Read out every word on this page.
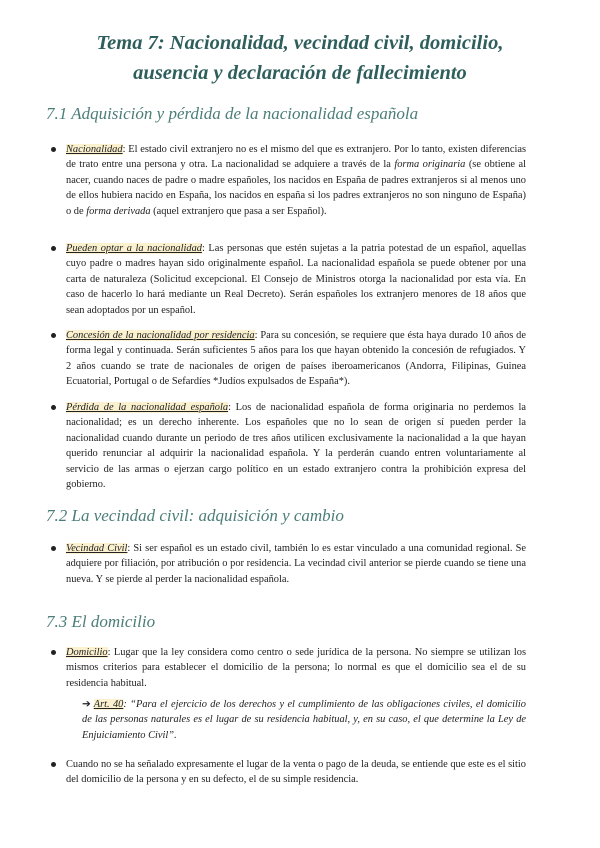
Tema 7: Nacionalidad, vecindad civil, domicilio,
ausencia y declaración de fallecimiento
7.1 Adquisición y pérdida de la nacionalidad española
Nacionalidad: El estado civil extranjero no es el mismo del que es extranjero. Por lo tanto, existen diferencias de trato entre una persona y otra. La nacionalidad se adquiere a través de la forma originaria (se obtiene al nacer, cuando naces de padre o madre españoles, los nacidos en España de padres extranjeros si al menos uno de ellos hubiera nacido en España, los nacidos en españa si los padres extranjeros no son ninguno de España) o de forma derivada (aquel extranjero que pasa a ser Español).
Pueden optar a la nacionalidad: Las personas que estén sujetas a la patria potestad de un español, aquellas cuyo padre o madres hayan sido originalmente español. La nacionalidad española se puede obtener por una carta de naturaleza (Solicitud excepcional. El Consejo de Ministros otorga la nacionalidad por esta vía. En caso de hacerlo lo hará mediante un Real Decreto). Serán españoles los extranjero menores de 18 años que sean adoptados por un español.
Concesión de la nacionalidad por residencia: Para su concesión, se requiere que ésta haya durado 10 años de forma legal y continuada. Serán suficientes 5 años para los que hayan obtenido la concesión de refugiados. Y 2 años cuando se trate de nacionales de origen de países iberoamericanos (Andorra, Filipinas, Guinea Ecuatorial, Portugal o de Sefardíes *Judíos expulsados de España*).
Pérdida de la nacionalidad española: Los de nacionalidad española de forma originaria no perdemos la nacionalidad; es un derecho inherente. Los españoles que no lo sean de origen sí pueden perder la nacionalidad cuando durante un periodo de tres años utilicen exclusivamente la nacionalidad a la que hayan querido renunciar al adquirir la nacionalidad española. Y la perderán cuando entren voluntariamente al servicio de las armas o ejerzan cargo político en un estado extranjero contra la prohibición expresa del gobierno.
7.2 La vecindad civil: adquisición y cambio
Vecindad Civil: Si ser español es un estado civil, también lo es estar vinculado a una comunidad regional. Se adquiere por filiación, por atribución o por residencia. La vecindad civil anterior se pierde cuando se tiene una nueva. Y se pierde al perder la nacionalidad española.
7.3 El domicilio
Domicilio: Lugar que la ley considera como centro o sede jurídica de la persona. No siempre se utilizan los mismos criterios para establecer el domicilio de la persona; lo normal es que el domicilio sea el de su residencia habitual.
➔ Art. 40: “Para el ejercicio de los derechos y el cumplimiento de las obligaciones civiles, el domicilio de las personas naturales es el lugar de su residencia habitual, y, en su caso, el que determine la Ley de Enjuiciamiento Civil”.
Cuando no se ha señalado expresamente el lugar de la venta o pago de la deuda, se entiende que este es el sitio del domicilio de la persona y en su defecto, el de su simple residencia.
